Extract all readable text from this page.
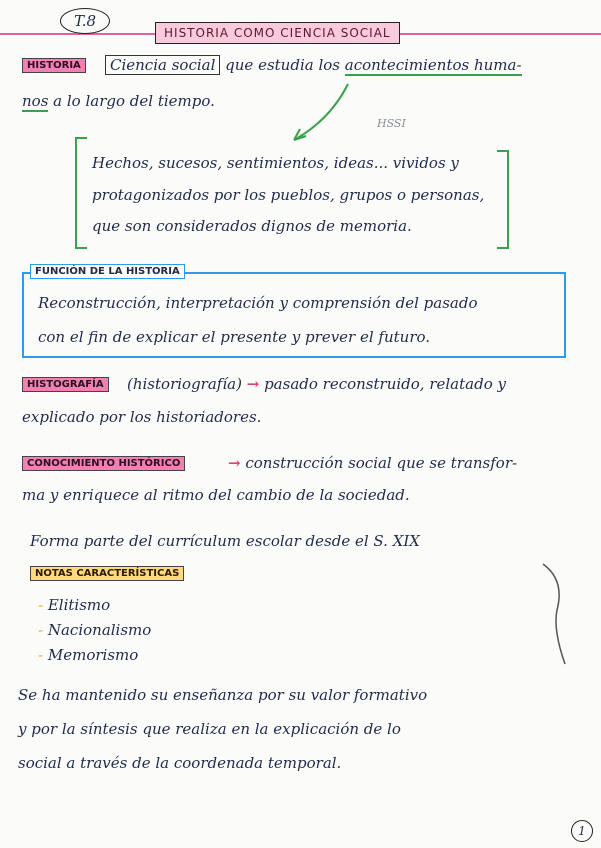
T.8
HISTORIA COMO CIENCIA SOCIAL
HISTORIA	Ciencia social que estudia los acontecimientos huma-
nos a lo largo del tiempo.
HSSI
Hechos, sucesos, sentimientos, ideas... vividos y
protagonizados por los pueblos, grupos o personas,
que son considerados dignos de memoria.
FUNCIÓN DE LA HISTORIA
Reconstrucción, interpretación y comprensión del pasado
con el fin de explicar el presente y prever el futuro.
HISTOGRAFÍA	(historiografía) → pasado reconstruido, relatado y
explicado por los historiadores.
CONOCIMIENTO HISTÓRICO	→ construcción social que se transfor-
ma y enriquece al ritmo del cambio de la sociedad.
Forma parte del currículum escolar desde el S. XIX
NOTAS CARACTERÍSTICAS
- Elitismo
- Nacionalismo
- Memorismo
Se ha mantenido su enseñanza por su valor formativo
y por la síntesis que realiza en la explicación de lo
social a través de la coordenada temporal.
1
